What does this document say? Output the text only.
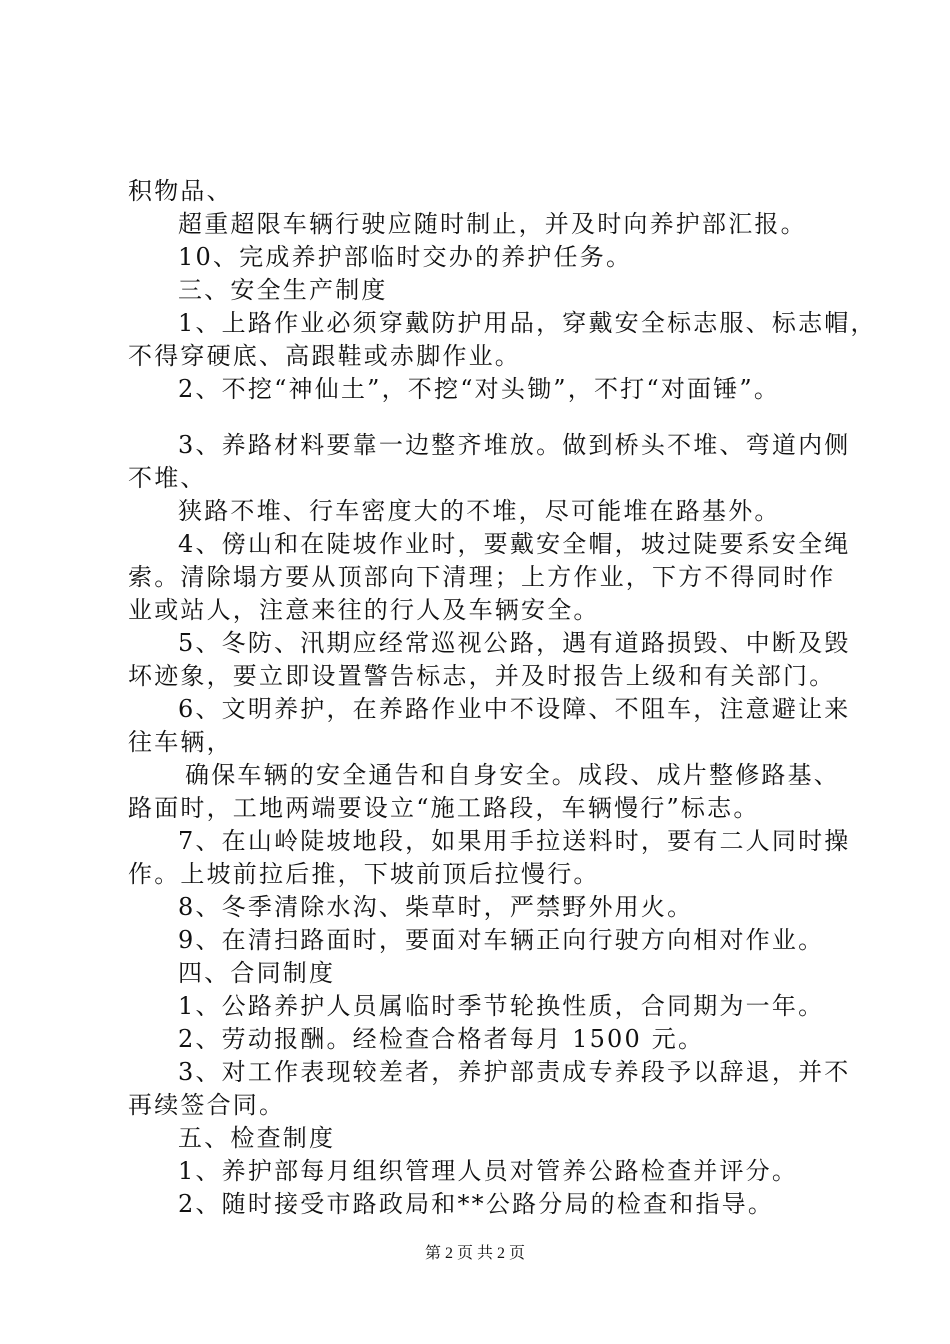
积物品、
超重超限车辆行驶应随时制止，并及时向养护部汇报。
10、完成养护部临时交办的养护任务。
三、安全生产制度
1、上路作业必须穿戴防护用品，穿戴安全标志服、标志帽，
不得穿硬底、高跟鞋或赤脚作业。
2、不挖“神仙土”，不挖“对头锄”，不打“对面锤”。
3、养路材料要靠一边整齐堆放。做到桥头不堆、弯道内侧
不堆、
狭路不堆、行车密度大的不堆，尽可能堆在路基外。
4、傍山和在陡坡作业时，要戴安全帽，坡过陡要系安全绳
索。清除塌方要从顶部向下清理；上方作业，下方不得同时作
业或站人，注意来往的行人及车辆安全。
5、冬防、汛期应经常巡视公路，遇有道路损毁、中断及毁
坏迹象，要立即设置警告标志，并及时报告上级和有关部门。
6、文明养护，在养路作业中不设障、不阻车，注意避让来
往车辆，
确保车辆的安全通告和自身安全。成段、成片整修路基、
路面时，工地两端要设立“施工路段，车辆慢行”标志。
7、在山岭陡坡地段，如果用手拉送料时，要有二人同时操
作。上坡前拉后推，下坡前顶后拉慢行。
8、冬季清除水沟、柴草时，严禁野外用火。
9、在清扫路面时，要面对车辆正向行驶方向相对作业。
四、合同制度
1、公路养护人员属临时季节轮换性质，合同期为一年。
2、劳动报酬。经检查合格者每月 1500 元。
3、对工作表现较差者，养护部责成专养段予以辞退，并不
再续签合同。
五、检查制度
1、养护部每月组织管理人员对管养公路检查并评分。
2、随时接受市路政局和**公路分局的检查和指导。
第 2 页 共 2 页
